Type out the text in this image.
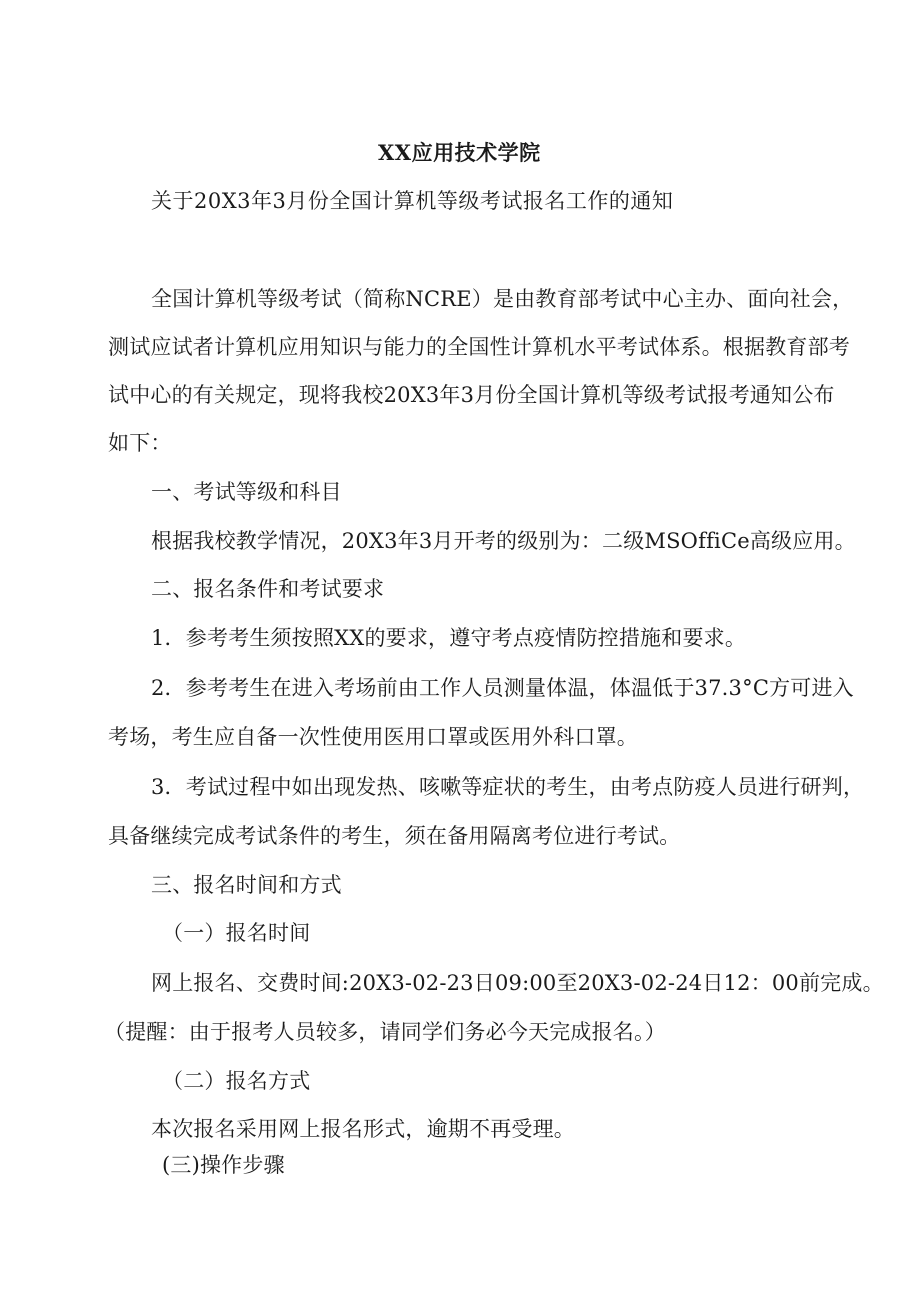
XX应用技术学院
关于20X3年3月份全国计算机等级考试报名工作的通知
全国计算机等级考试（简称NCRE）是由教育部考试中心主办、面向社会，
测试应试者计算机应用知识与能力的全国性计算机水平考试体系。根据教育部考
试中心的有关规定，现将我校20X3年3月份全国计算机等级考试报考通知公布
如下：
一、考试等级和科目
根据我校教学情况，20X3年3月开考的级别为：二级MSOffiCe高级应用。
二、报名条件和考试要求
1．参考考生须按照XX的要求，遵守考点疫情防控措施和要求。
2．参考考生在进入考场前由工作人员测量体温，体温低于37.3°C方可进入
考场，考生应自备一次性使用医用口罩或医用外科口罩。
3．考试过程中如出现发热、咳嗽等症状的考生，由考点防疫人员进行研判，
具备继续完成考试条件的考生，须在备用隔离考位进行考试。
三、报名时间和方式
（一）报名时间
网上报名、交费时间:20X3-02-23日09:00至20X3-02-24日12：00前完成。
（提醒：由于报考人员较多，请同学们务必今天完成报名。）
（二）报名方式
本次报名采用网上报名形式，逾期不再受理。
(三)操作步骤
